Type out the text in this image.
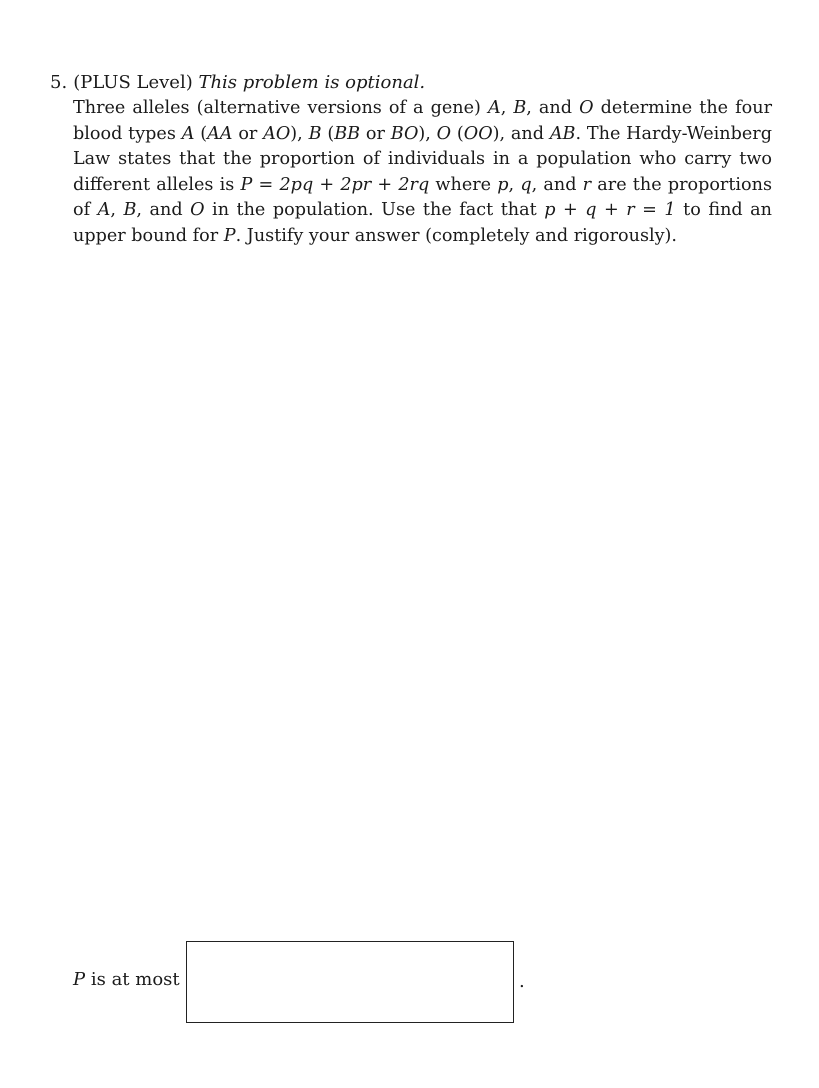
5. (PLUS Level) This problem is optional.
Three alleles (alternative versions of a gene) A, B, and O determine the four blood types A (AA or AO), B (BB or BO), O (OO), and AB. The Hardy-Weinberg Law states that the proportion of individuals in a population who carry two different alleles is P = 2pq + 2pr + 2rq where p, q, and r are the proportions of A, B, and O in the population. Use the fact that p + q + r = 1 to find an upper bound for P. Justify your answer (completely and rigorously).
P is at most	.
